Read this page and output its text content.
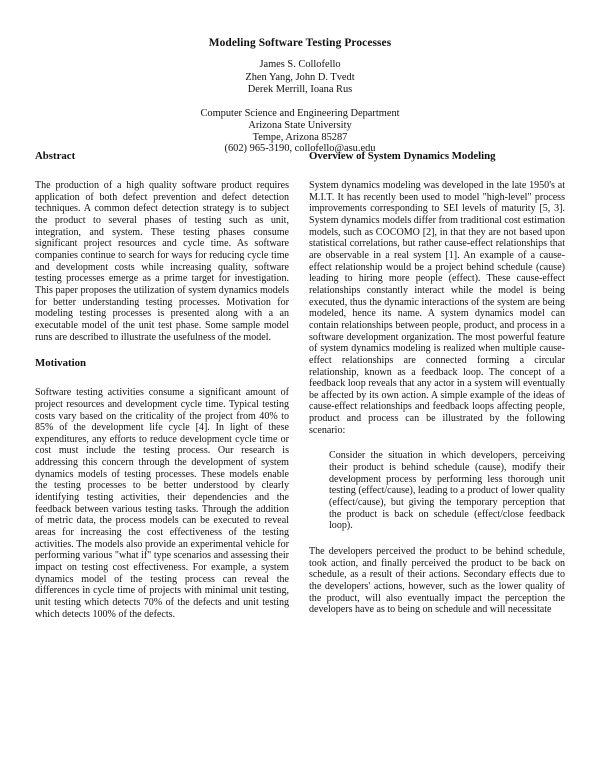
Modeling Software Testing Processes
James S. Collofello
Zhen Yang, John D. Tvedt
Derek Merrill, Ioana Rus
Computer Science and Engineering Department
Arizona State University
Tempe, Arizona 85287
(602) 965-3190, collofello@asu.edu
Abstract

The production of a high quality software product requires application of both defect prevention and defect detection techniques. A common defect detection strategy is to subject the product to several phases of testing such as unit, integration, and system. These testing phases consume significant project resources and cycle time. As software companies continue to search for ways for reducing cycle time and development costs while increasing quality, software testing processes emerge as a prime target for investigation. This paper proposes the utilization of system dynamics models for better understanding testing processes. Motivation for modeling testing processes is presented along with a an executable model of the unit test phase. Some sample model runs are described to illustrate the usefulness of the model.

Motivation

Software testing activities consume a significant amount of project resources and development cycle time. Typical testing costs vary based on the criticality of the project from 40% to 85% of the development life cycle [4]. In light of these expenditures, any efforts to reduce development cycle time or cost must include the testing process. Our research is addressing this concern through the development of system dynamics models of testing processes. These models enable the testing processes to be better understood by clearly identifying testing activities, their dependencies and the feedback between various testing tasks. Through the addition of metric data, the process models can be executed to reveal areas for increasing the cost effectiveness of the testing activities. The models also provide an experimental vehicle for performing various "what if" type scenarios and assessing their impact on testing cost effectiveness. For example, a system dynamics model of the testing process can reveal the differences in cycle time of projects with minimal unit testing, unit testing which detects 70% of the defects and unit testing which detects 100% of the defects.

Overview of System Dynamics Modeling

System dynamics modeling was developed in the late 1950's at M.I.T. It has recently been used to model "high-level" process improvements corresponding to SEI levels of maturity [5, 3]. System dynamics models differ from traditional cost estimation models, such as COCOMO [2], in that they are not based upon statistical correlations, but rather cause-effect relationships that are observable in a real system [1]. An example of a cause-effect relationship would be a project behind schedule (cause) leading to hiring more people (effect). These cause-effect relationships constantly interact while the model is being executed, thus the dynamic interactions of the system are being modeled, hence its name. A system dynamics model can contain relationships between people, product, and process in a software development organization. The most powerful feature of system dynamics modeling is realized when multiple cause-effect relationships are connected forming a circular relationship, known as a feedback loop. The concept of a feedback loop reveals that any actor in a system will eventually be affected by its own action. A simple example of the ideas of cause-effect relationships and feedback loops affecting people, product and process can be illustrated by the following scenario:

Consider the situation in which developers, perceiving their product is behind schedule (cause), modify their development process by performing less thorough unit testing (effect/cause), leading to a product of lower quality (effect/cause), but giving the temporary perception that the product is back on schedule (effect/close feedback loop).

The developers perceived the product to be behind schedule, took action, and finally perceived the product to be back on schedule, as a result of their actions. Secondary effects due to the developers' actions, however, such as the lower quality of the product, will also eventually impact the perception the developers have as to being on schedule and will necessitate
